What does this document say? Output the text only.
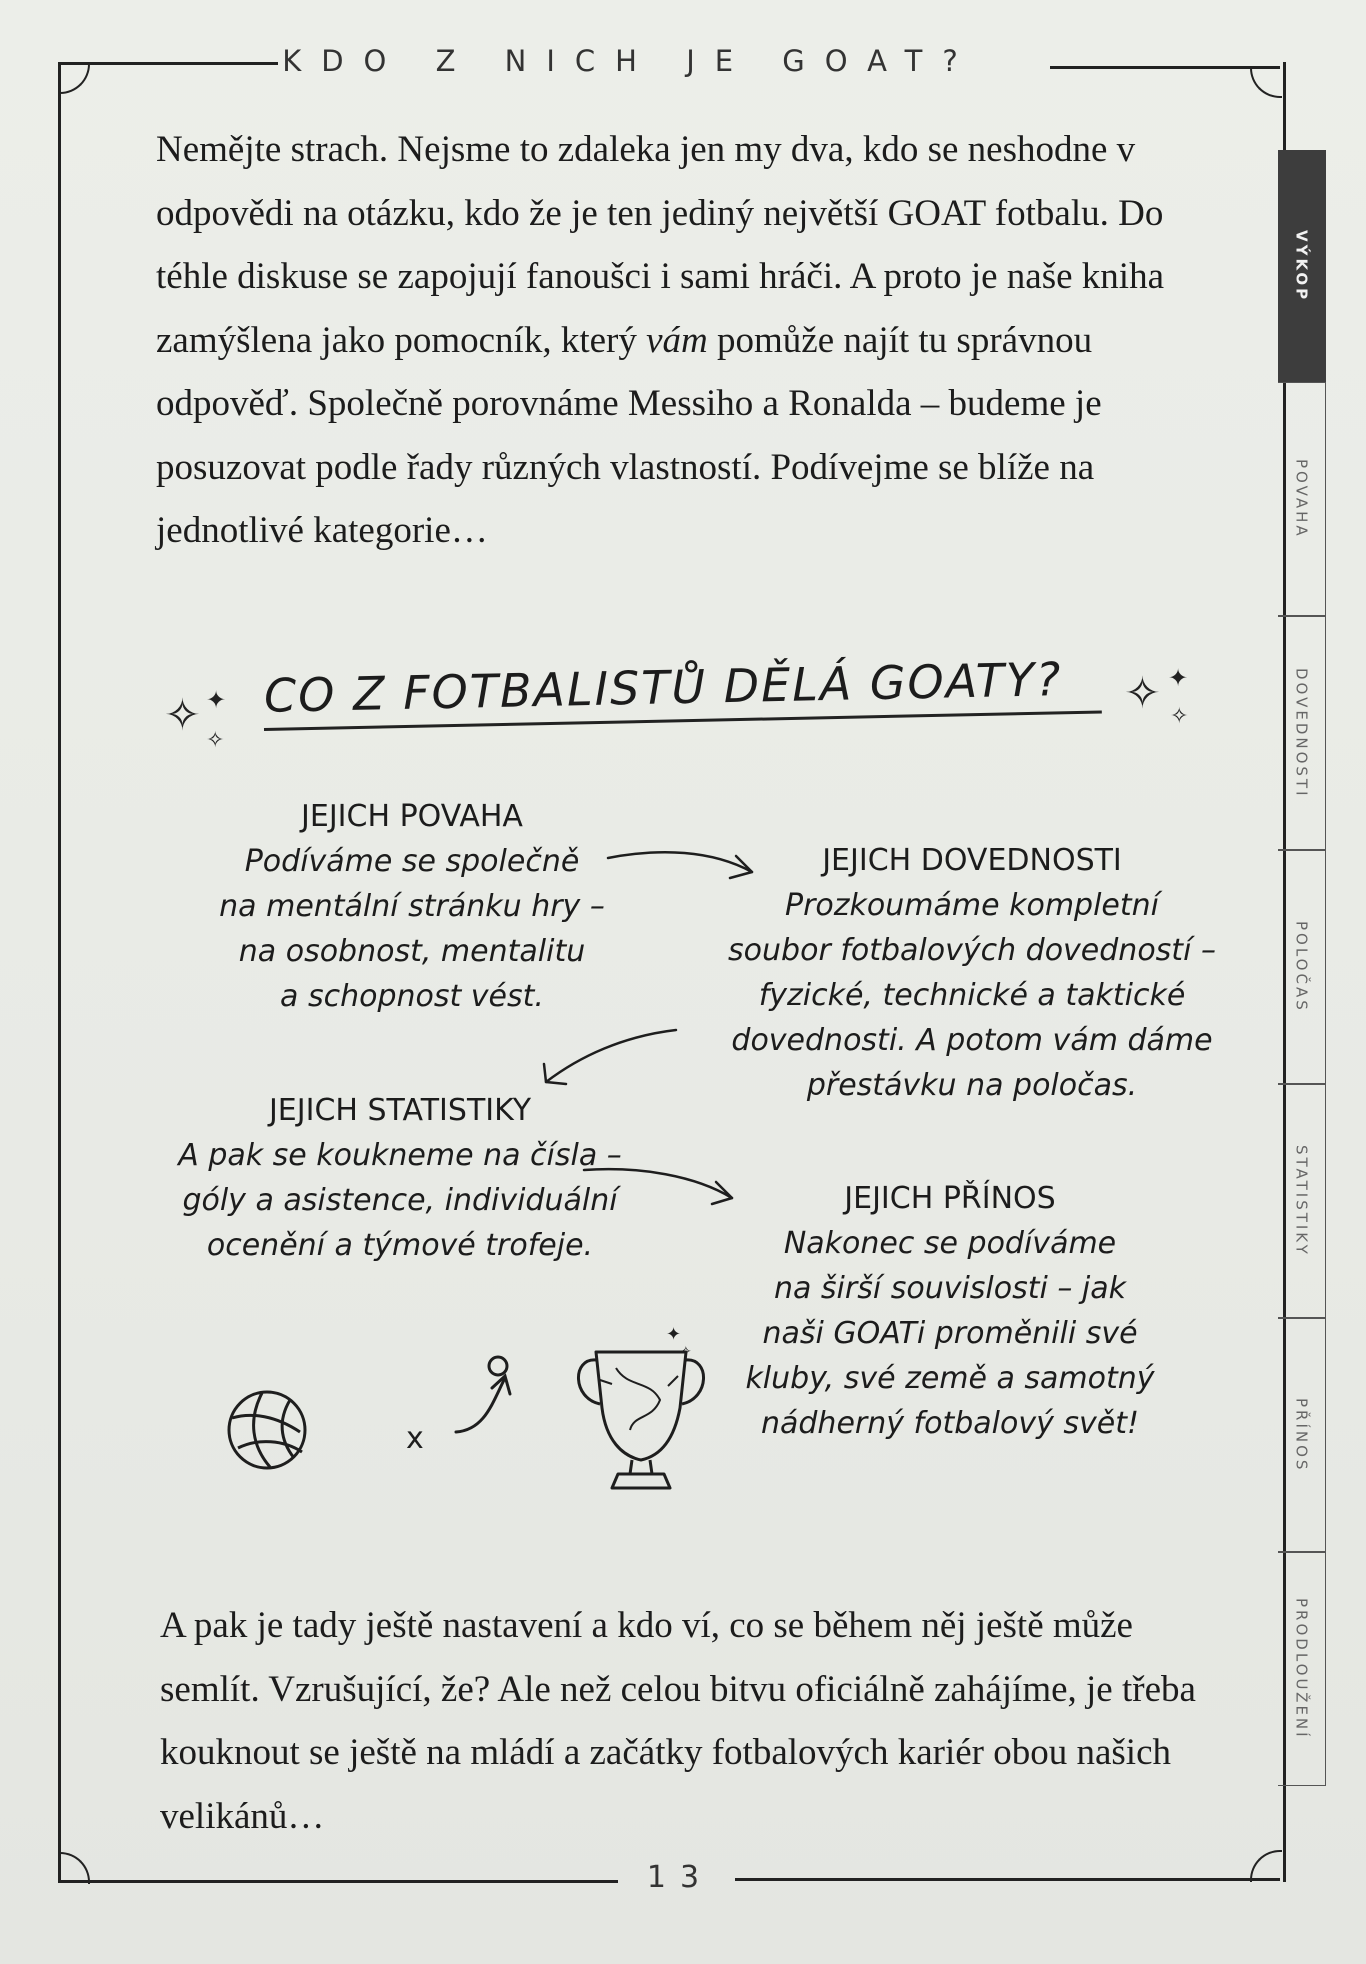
KDO Z NICH JE GOAT?

Nemějte strach. Nejsme to zdaleka jen my dva, kdo se neshodne v odpovědi na otázku, kdo že je ten jediný největší GOAT fotbalu. Do téhle diskuse se zapojují fanoušci i sami hráči. A proto je naše kniha zamýšlena jako pomocník, který vám pomůže najít tu správnou odpověď. Společně porovnáme Messiho a Ronalda – budeme je posuzovat podle řady různých vlastností. Podívejme se blíže na jednotlivé kategorie…

✧ ✦
✧
CO Z FOTBALISTŮ DĚLÁ GOATY?	✧ ✦
✧

JEJICH POVAHA

Podíváme se společně

na mentální stránku hry –

na osobnost, mentalitu

a schopnost vést.

JEJICH DOVEDNOSTI

Prozkoumáme kompletní

soubor fotbalových dovedností –

fyzické, technické a taktické

dovednosti. A potom vám dáme

přestávku na poločas.

JEJICH STATISTIKY

A pak se koukneme na čísla –

góly a asistence, individuální

ocenění a týmové trofeje.

JEJICH PŘÍNOS

Nakonec se podíváme

na širší souvislosti – jak

naši GOATi proměnili své

kluby, své země a samotný

nádherný fotbalový svět!

x
✦
✧

A pak je tady ještě nastavení a kdo ví, co se během něj ještě může semlít. Vzrušující, že? Ale než celou bitvu oficiálně zahájíme, je třeba kouknout se ještě na mládí a začátky fotbalových kariér obou našich velikánů…

13
VÝKOP
POVAHA
DOVEDNOSTI
POLOČAS
STATISTIKY
PŘÍNOS
PRODLOUŽENÍ
